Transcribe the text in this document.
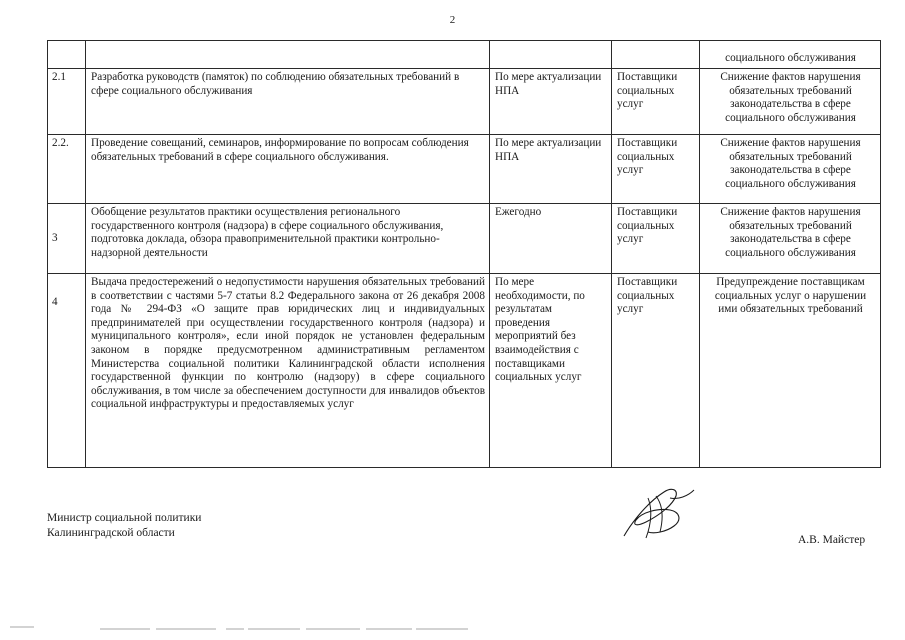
2
				социального обслуживания
2.1	Разработка руководств (памяток) по соблюдению обязательных требований в сфере социального обслуживания	По мере актуализации НПА	Поставщики социальных услуг	Снижение фактов нарушения обязательных требований законодательства в сфере социального обслуживания
2.2.	Проведение совещаний, семинаров, информирование по вопросам соблюдения обязательных требований в сфере социального обслуживания.	По мере актуализации НПА	Поставщики социальных услуг	Снижение фактов нарушения обязательных требований законодательства в сфере социального обслуживания
3	Обобщение результатов практики осуществления регионального государственного контроля (надзора) в сфере социального обслуживания, подготовка доклада, обзора правоприменительной практики контрольно-надзорной деятельности	Ежегодно	Поставщики социальных услуг	Снижение фактов нарушения обязательных требований законодательства в сфере социального обслуживания
4	Выдача предостережений о недопустимости нарушения обязательных требований в соответствии с частями 5-7 статьи 8.2 Федерального закона от 26 декабря 2008 года № 294-ФЗ «О защите прав юридических лиц и индивидуальных предпринимателей при осуществлении государственного контроля (надзора) и муниципального контроля», если иной порядок не установлен федеральным законом в порядке предусмотренном административным регламентом Министерства социальной политики Калининградской области исполнения государственной функции по контролю (надзору) в сфере социального обслуживания, в том числе за обеспечением доступности для инвалидов объектов социальной инфраструктуры и предоставляемых услуг	По мере необходимости, по результатам проведения мероприятий без взаимодействия с поставщиками социальных услуг	Поставщики социальных услуг	Предупреждение поставщикам социальных услуг о нарушении ими обязательных требований
Министр социальной политики
Калининградской области
А.В. Майстер
